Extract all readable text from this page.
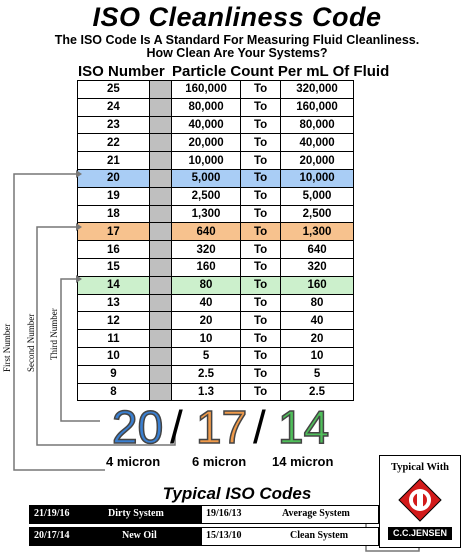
ISO Cleanliness Code
The ISO Code Is A Standard For Measuring Fluid Cleanliness.
How Clean Are Your Systems?
ISO Number Particle Count Per mL Of Fluid
25		160,000	To	320,000
24		80,000	To	160,000
23		40,000	To	80,000
22		20,000	To	40,000
21		10,000	To	20,000
20		5,000	To	10,000
19		2,500	To	5,000
18		1,300	To	2,500
17		640	To	1,300
16		320	To	640
15		160	To	320
14		80	To	160
13		40	To	80
12		20	To	40
11		10	To	20
10		5	To	10
9		2.5	To	5
8		1.3	To	2.5
First Number Second Number Third Number
20 / 17 / 14
4 micron 6 micron 14 micron
Typical ISO Codes
21/19/16	Dirty System	19/16/13	Average System
20/17/14	New Oil	15/13/10	Clean System
Typical With
C.C.JENSEN
